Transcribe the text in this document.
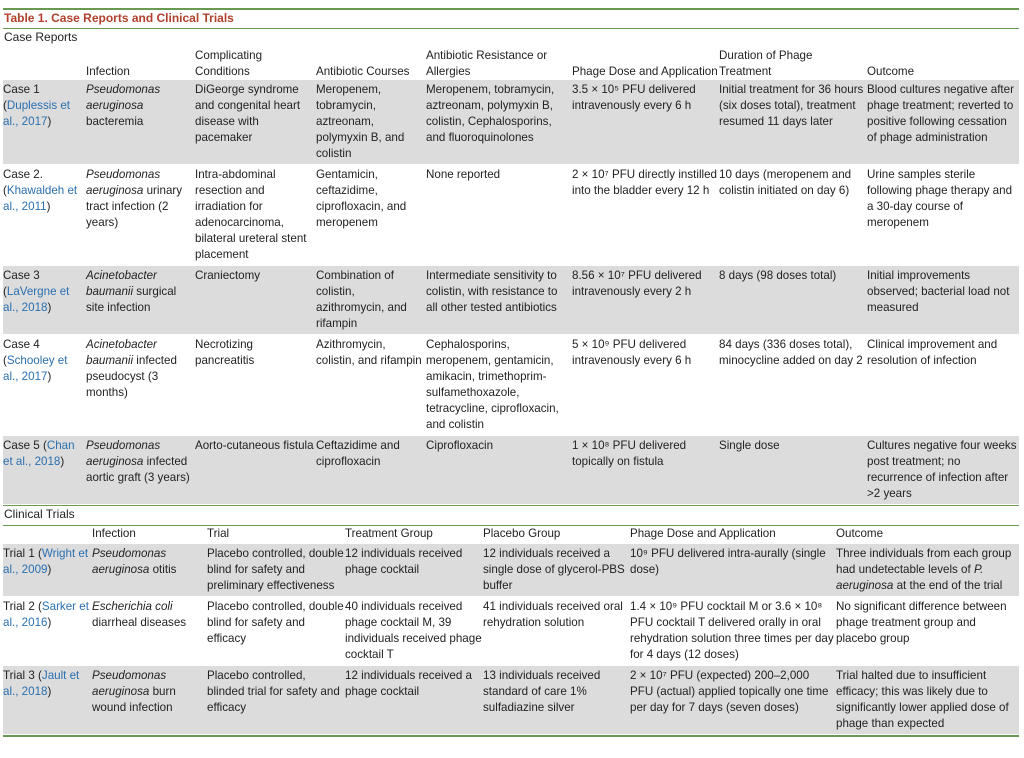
Table 1. Case Reports and Clinical Trials
Case Reports
	Infection	Complicating Conditions	Antibiotic Courses	Antibiotic Resistance or Allergies	Phage Dose and Application	Duration of Phage Treatment	Outcome
Case 1 (Duplessis et al., 2017)	Pseudomonas aeruginosa bacteremia	DiGeorge syndrome and congenital heart disease with pacemaker	Meropenem, tobramycin, aztreonam, polymyxin B, and colistin	Meropenem, tobramycin, aztreonam, polymyxin B, colistin, Cephalosporins, and fluoroquinolones	3.5 × 10⁵ PFU delivered intravenously every 6 h	Initial treatment for 36 hours (six doses total), treatment resumed 11 days later	Blood cultures negative after phage treatment; reverted to positive following cessation of phage administration
Case 2. (Khawaldeh et al., 2011)	Pseudomonas aeruginosa urinary tract infection (2 years)	Intra-abdominal resection and irradiation for adenocarcinoma, bilateral ureteral stent placement	Gentamicin, ceftazidime, ciprofloxacin, and meropenem	None reported	2 × 10⁷ PFU directly instilled into the bladder every 12 h	10 days (meropenem and colistin initiated on day 6)	Urine samples sterile following phage therapy and a 30-day course of meropenem
Case 3 (LaVergne et al., 2018)	Acinetobacter baumanii surgical site infection	Craniectomy	Combination of colistin, azithromycin, and rifampin	Intermediate sensitivity to colistin, with resistance to all other tested antibiotics	8.56 × 10⁷ PFU delivered intravenously every 2 h	8 days (98 doses total)	Initial improvements observed; bacterial load not measured
Case 4 (Schooley et al., 2017)	Acinetobacter baumanii infected pseudocyst (3 months)	Necrotizing pancreatitis	Azithromycin, colistin, and rifampin	Cephalosporins, meropenem, gentamicin, amikacin, trimethoprim-sulfamethoxazole, tetracycline, ciprofloxacin, and colistin	5 × 10⁹ PFU delivered intravenously every 6 h	84 days (336 doses total), minocycline added on day 2	Clinical improvement and resolution of infection
Case 5 (Chan et al., 2018)	Pseudomonas aeruginosa infected aortic graft (3 years)	Aorto-cutaneous fistula	Ceftazidime and ciprofloxacin	Ciprofloxacin	1 × 10⁸ PFU delivered topically on fistula	Single dose	Cultures negative four weeks post treatment; no recurrence of infection after >2 years
Clinical Trials
	Infection	Trial	Treatment Group	Placebo Group	Phage Dose and Application	Outcome
Trial 1 (Wright et al., 2009)	Pseudomonas aeruginosa otitis	Placebo controlled, double blind for safety and preliminary effectiveness	12 individuals received phage cocktail	12 individuals received a single dose of glycerol-PBS buffer	10⁹ PFU delivered intra-aurally (single dose)	Three individuals from each group had undetectable levels of P. aeruginosa at the end of the trial
Trial 2 (Sarker et al., 2016)	Escherichia coli diarrheal diseases	Placebo controlled, double blind for safety and efficacy	40 individuals received phage cocktail M, 39 individuals received phage cocktail T	41 individuals received oral rehydration solution	1.4 × 10⁹ PFU cocktail M or 3.6 × 10⁸ PFU cocktail T delivered orally in oral rehydration solution three times per day for 4 days (12 doses)	No significant difference between phage treatment group and placebo group
Trial 3 (Jault et al., 2018)	Pseudomonas aeruginosa burn wound infection	Placebo controlled, blinded trial for safety and efficacy	12 individuals received a phage cocktail	13 individuals received standard of care 1% sulfadiazine silver	2 × 10⁷ PFU (expected) 200–2,000 PFU (actual) applied topically one time per day for 7 days (seven doses)	Trial halted due to insufficient efficacy; this was likely due to significantly lower applied dose of phage than expected
